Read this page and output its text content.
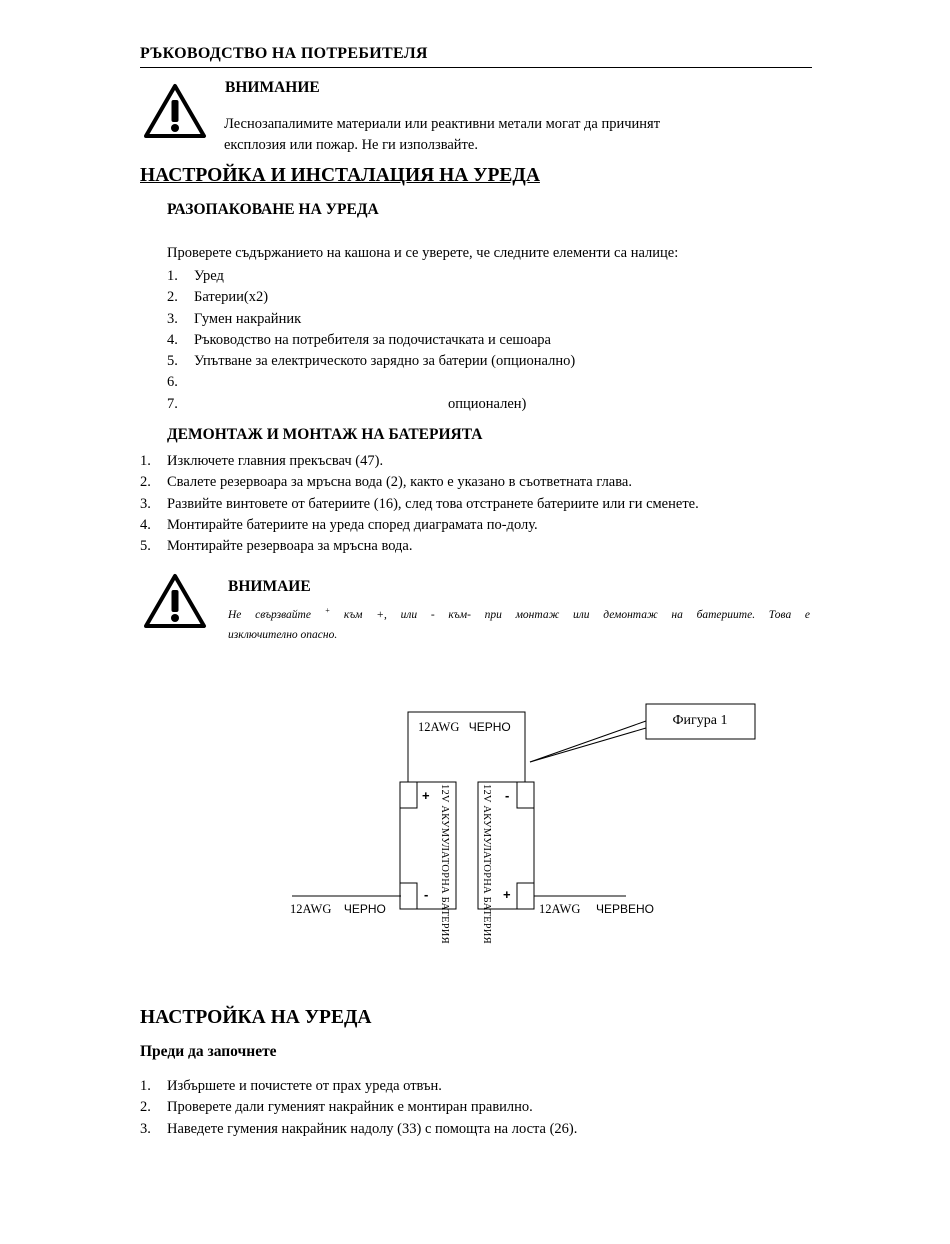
РЪКОВОДСТВО НА ПОТРЕБИТЕЛЯ
ВНИМАНИЕ
Леснозапалимите материали или реактивни метали могат да причинят
експлозия или пожар. Не ги използвайте.
НАСТРОЙКА И ИНСТАЛАЦИЯ НА УРЕДА
РАЗОПАКОВАНЕ НА УРЕДА
Проверете съдържанието на кашона и се уверете, че следните елементи са налице:
1. Уред
2. Батерии(x2)
3. Гумен накрайник
4. Ръководство на потребителя за подочистачката и сешоара
5. Упътване за електрическото зарядно за батерии (опционално)
6.
7.	опционален)
ДЕМОНТАЖ И МОНТАЖ НА БАТЕРИЯТА
1. Изключете главния прекъсвач (47).
2. Свалете резервоара за мръсна вода (2), както е указано в съответната глава.
3. Развийте винтовете от батериите (16), след това отстранете батериите или ги сменете.
4. Монтирайте батериите на уреда според диаграмата по-долу.
5. Монтирайте резервоара за мръсна вода.
ВНИМАИЕ
Не свързвайте + към +, или - към- при монтаж или демонтаж на батериите. Това е
изключително опасно.
Фигура 1
12AWG ЧЕРНО
12AWG ЧЕРНО	12AWG ЧЕРВЕНО
+
-
-
+
12V АКУМУЛАТОРНА БАТЕРИЯ	12V АКУМУЛАТОРНА БАТЕРИЯ
НАСТРОЙКА НА УРЕДА
Преди да започнете
1. Избършете и почистете от прах уреда отвън.
2. Проверете дали гуменият накрайник е монтиран правилно.
3. Наведете гумения накрайник надолу (33) с помощта на лоста (26).
